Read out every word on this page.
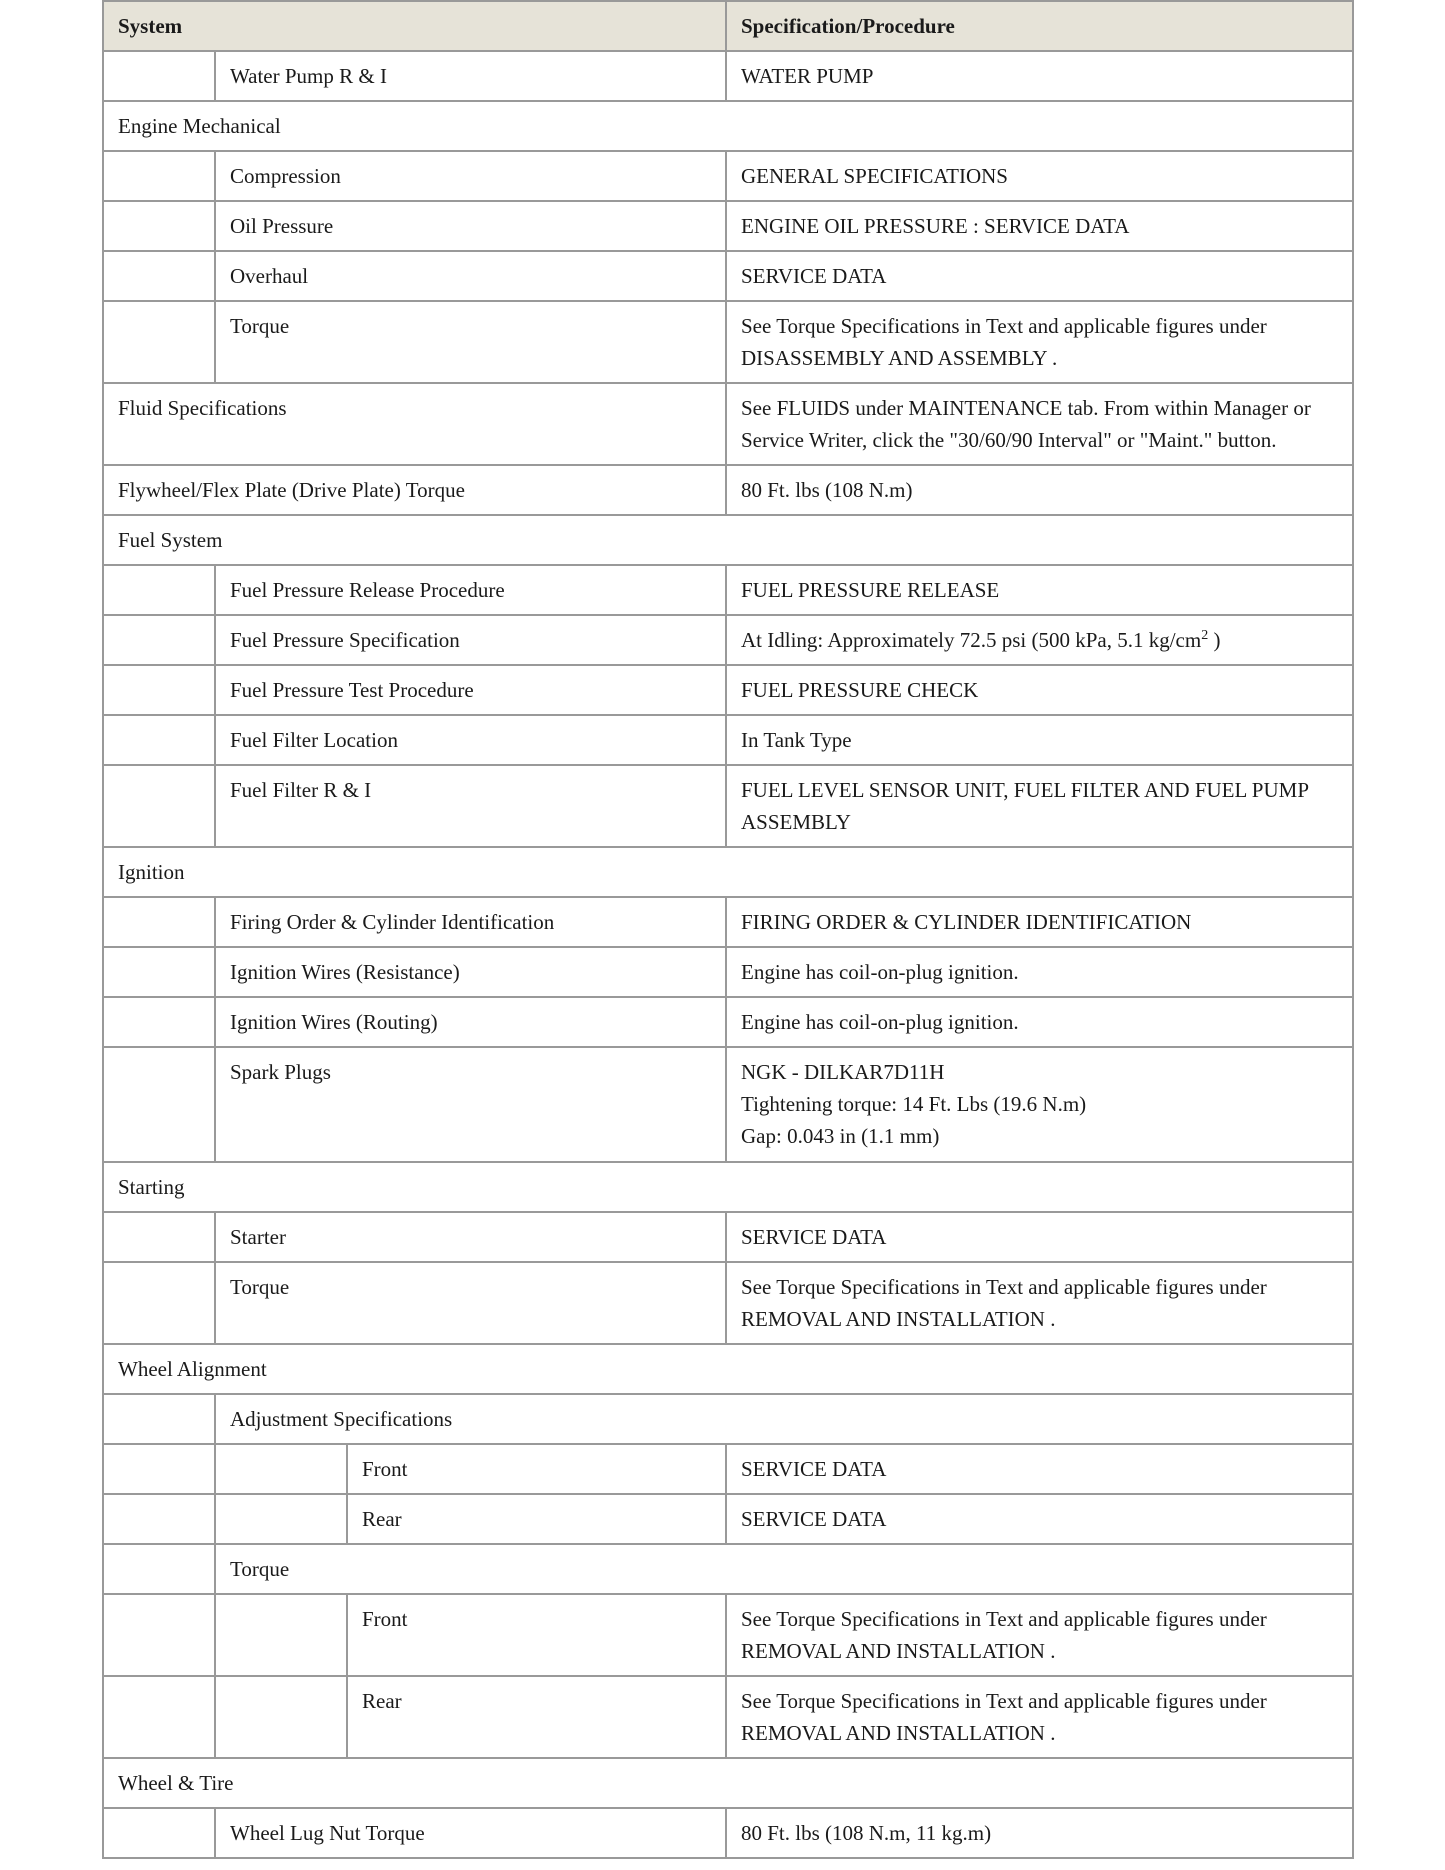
System			Specification/Procedure
	Water Pump R & I		WATER PUMP

Engine Mechanical			
	Compression		GENERAL SPECIFICATIONS

	Oil Pressure		ENGINE OIL PRESSURE : SERVICE DATA

	Overhaul		SERVICE DATA

	Torque		See Torque Specifications in Text and applicable figures under
DISASSEMBLY AND ASSEMBLY .

Fluid Specifications			See FLUIDS under MAINTENANCE tab. From within Manager or
Service Writer, click the "30/60/90 Interval" or "Maint." button.

Flywheel/Flex Plate (Drive Plate) Torque			80 Ft. lbs (108 N.m)

Fuel System			
	Fuel Pressure Release Procedure		FUEL PRESSURE RELEASE

	Fuel Pressure Specification		At Idling: Approximately 72.5 psi (500 kPa, 5.1 $kg/cm^2$ )

	Fuel Pressure Test Procedure		FUEL PRESSURE CHECK

	Fuel Filter Location		In Tank Type

	Fuel Filter R & I		FUEL LEVEL SENSOR UNIT, FUEL FILTER AND FUEL PUMP
ASSEMBLY

Ignition			
	Firing Order & Cylinder Identification		FIRING ORDER & CYLINDER IDENTIFICATION

	Ignition Wires (Resistance)		Engine has coil-on-plug ignition.

	Ignition Wires (Routing)		Engine has coil-on-plug ignition.

	Spark Plugs		NGK - DILKAR7D11H
Tightening torque: 14 Ft. Lbs (19.6 N.m)
Gap: 0.043 in (1.1 mm)

Starting			
	Starter		SERVICE DATA

	Torque		See Torque Specifications in Text and applicable figures under
REMOVAL AND INSTALLATION .

Wheel Alignment			
	Adjustment Specifications		
		Front	SERVICE DATA

		Rear	SERVICE DATA

	Torque		
		Front	See Torque Specifications in Text and applicable figures under
REMOVAL AND INSTALLATION .

		Rear	See Torque Specifications in Text and applicable figures under
REMOVAL AND INSTALLATION .

Wheel & Tire			
	Wheel Lug Nut Torque		80 Ft. lbs (108 N.m, 11 kg.m)
